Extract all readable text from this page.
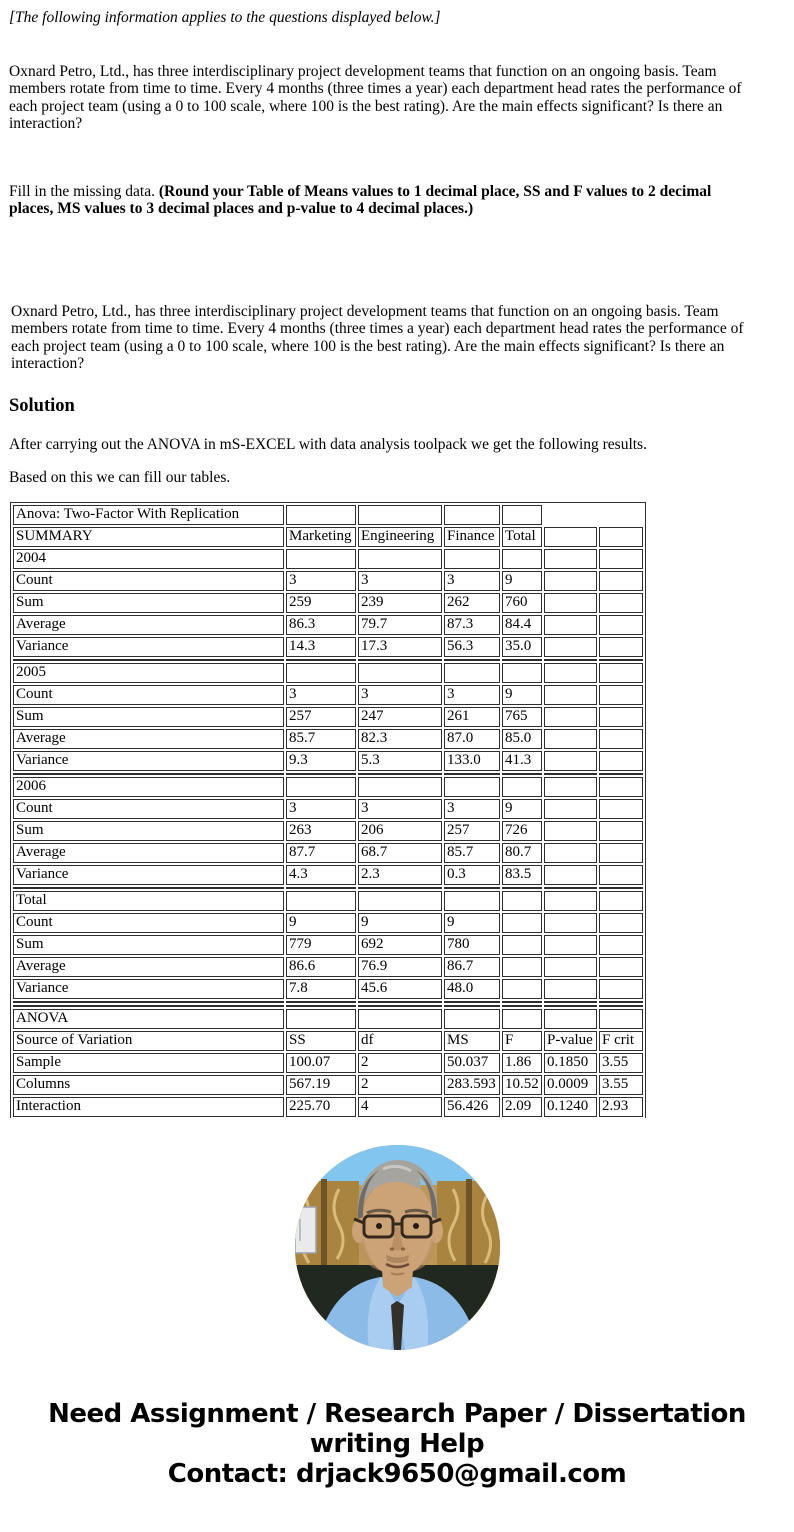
[The following information applies to the questions displayed below.]

Oxnard Petro, Ltd., has three interdisciplinary project development teams that function on an ongoing basis. Team members rotate from time to time. Every 4 months (three times a year) each department head rates the performance of each project team (using a 0 to 100 scale, where 100 is the best rating). Are the main effects significant? Is there an interaction?

Fill in the missing data. (Round your Table of Means values to 1 decimal place, SS and F values to 2 decimal places, MS values to 3 decimal places and p-value to 4 decimal places.)

Oxnard Petro, Ltd., has three interdisciplinary project development teams that function on an ongoing basis. Team members rotate from time to time. Every 4 months (three times a year) each department head rates the performance of each project team (using a 0 to 100 scale, where 100 is the best rating). Are the main effects significant? Is there an interaction?

Solution

After carrying out the ANOVA in mS-EXCEL with data analysis toolpack we get the following results.

Based on this we can fill our tables.

Anova: Two-Factor With Replication						
SUMMARY	Marketing	Engineering	Finance	Total		
2004						
Count	3	3	3	9		
Sum	259	239	262	760		
Average	86.3	79.7	87.3	84.4		
Variance	14.3	17.3	56.3	35.0		

2005						
Count	3	3	3	9		
Sum	257	247	261	765		
Average	85.7	82.3	87.0	85.0		
Variance	9.3	5.3	133.0	41.3		

2006						
Count	3	3	3	9		
Sum	263	206	257	726		
Average	87.7	68.7	85.7	80.7		
Variance	4.3	2.3	0.3	83.5		

Total						
Count	9	9	9			
Sum	779	692	780			
Average	86.6	76.9	86.7			
Variance	7.8	45.6	48.0			

ANOVA						
Source of Variation	SS	df	MS	F	P-value	F crit
Sample	100.07	2	50.037	1.86	0.1850	3.55
Columns	567.19	2	283.593	10.52	0.0009	3.55
Interaction	225.70	4	56.426	2.09	0.1240	2.93
Need Assignment / Research Paper / Dissertation
writing Help
Contact: drjack9650@gmail.com
